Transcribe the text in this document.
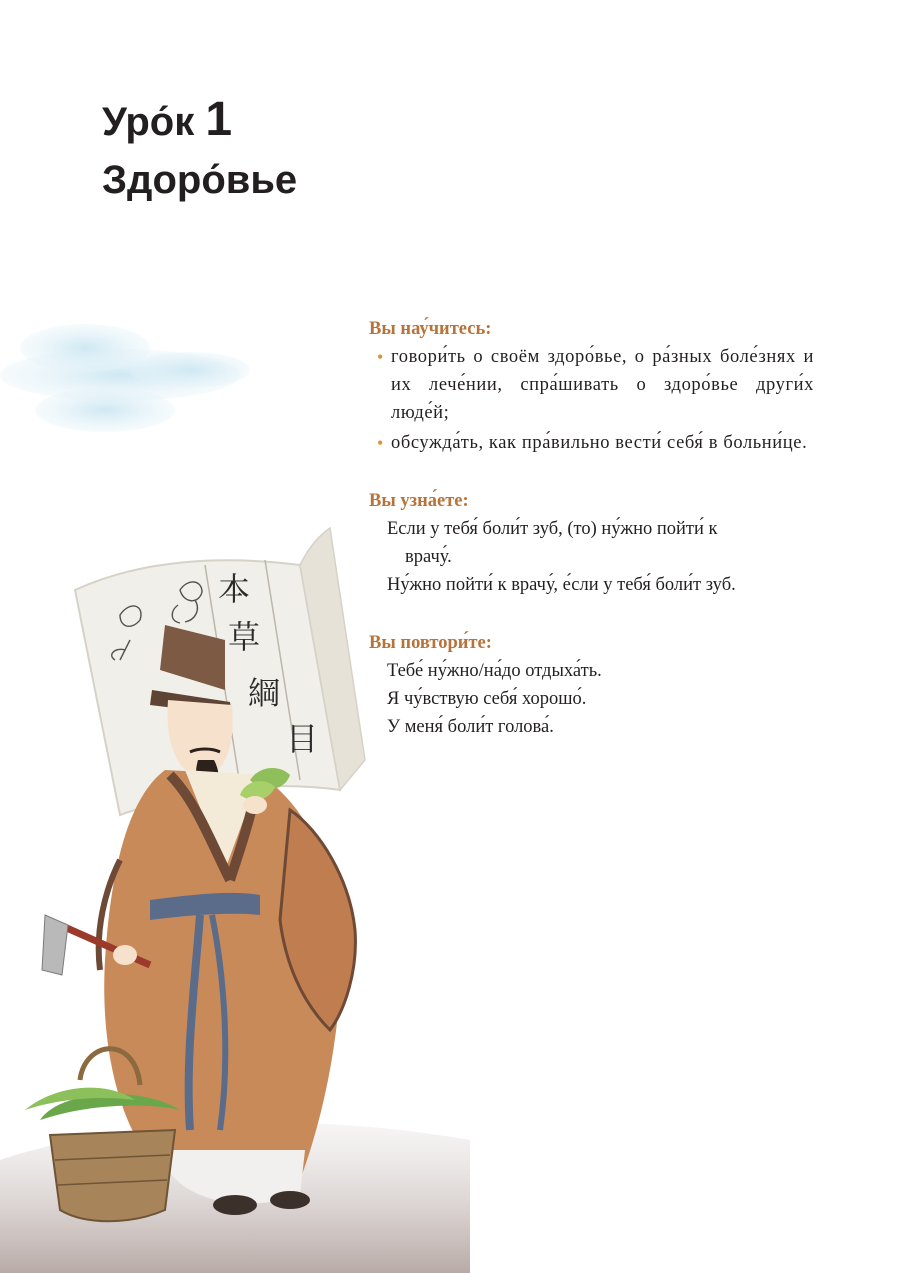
Уро́к 1
Здоро́вье
本
草
綱
目
Вы нау́читесь:
• говори́ть о своём здоро́вье, о ра́зных боле́знях и их лече́нии, спра́шивать о здоро́вье други́х люде́й;
• обсужда́ть, как пра́вильно вести́ себя́ в больни́це.
Вы узна́ете:

Если у тебя́ боли́т зуб, (то) ну́жно пойти́ к

врачу́.

Ну́жно пойти́ к врачу́, е́сли у тебя́ боли́т зуб.

Вы повтори́те:

Тебе́ ну́жно/на́до отдыха́ть.

Я чу́вствую себя́ хорошо́.

У меня́ боли́т голова́.
